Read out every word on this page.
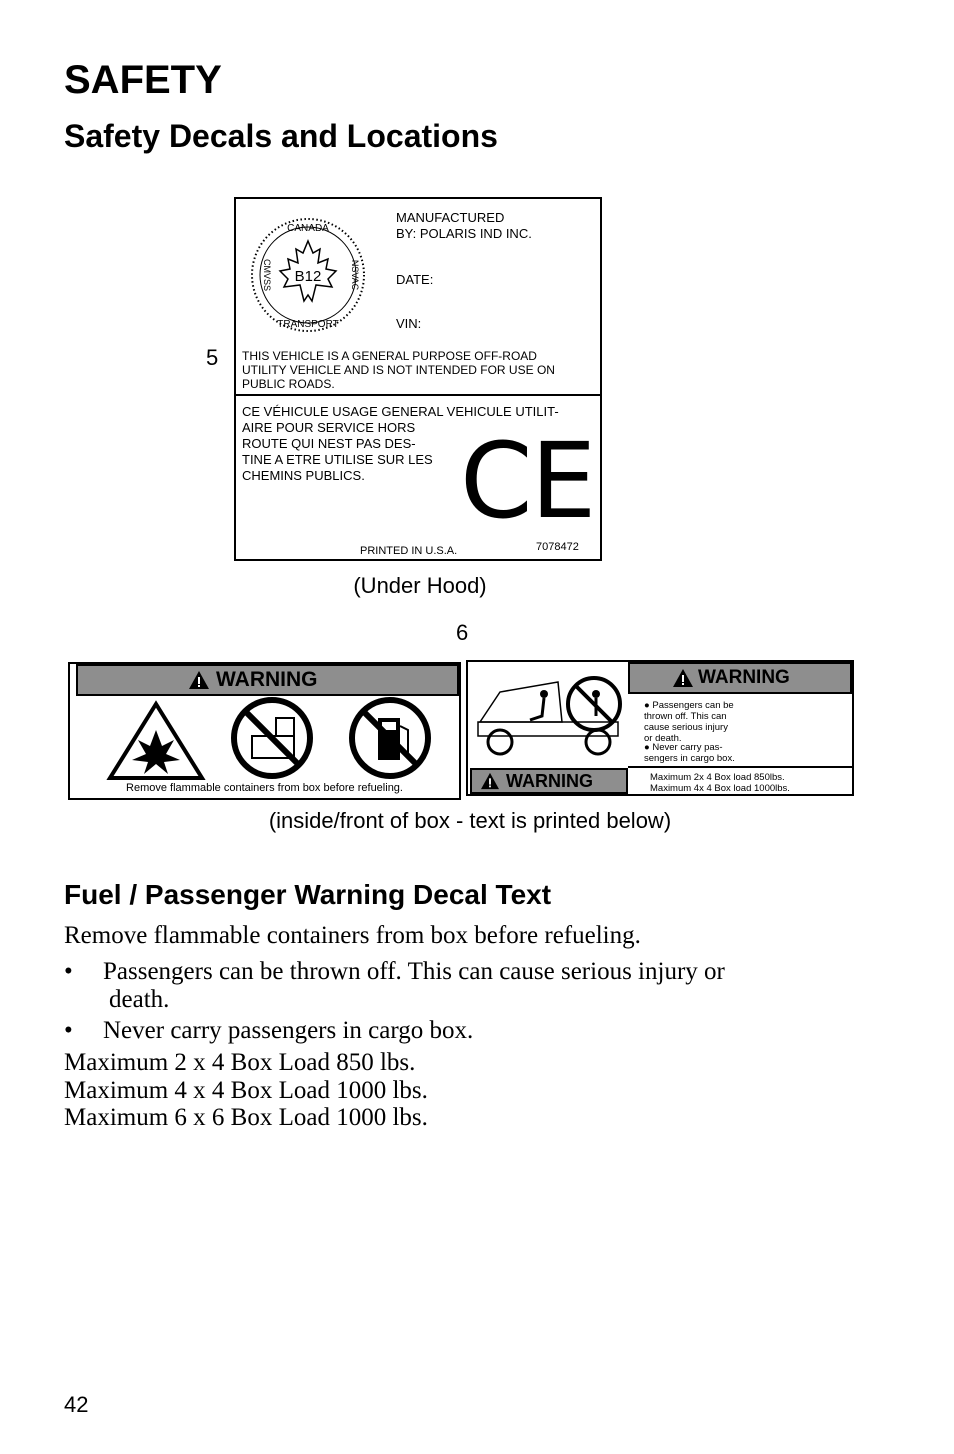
SAFETY
Safety Decals and Locations
5
CANADA
B12
CMVSS	NSVAC
TRANSPORT
MANUFACTURED
BY: POLARIS IND INC.
DATE:
VIN:
THIS VEHICLE IS A GENERAL PURPOSE OFF-ROAD
UTILITY VEHICLE AND IS NOT INTENDED FOR USE ON
PUBLIC ROADS.
CE VÉHICULE USAGE GENERAL VEHICULE UTILIT-
AIRE POUR SERVICE HORS
ROUTE QUI NEST PAS DES-
TINE A ETRE UTILISE SUR LES
CHEMINS PUBLICS. CE
PRINTED IN U.S.A.	7078472
(Under Hood)
6
WARNING
Remove flammable containers from box before refueling.
WARNING
● Passengers can be
thrown off. This can
cause serious injury
or death.
● Never carry pas-
sengers in cargo box.
WARNING	Maximum 2x 4 Box load 850lbs.
Maximum 4x 4 Box load 1000lbs.
(inside/front of box - text is printed below)
Fuel / Passenger Warning Decal Text
Remove flammable containers from box before refueling.
• Passengers can be thrown off. This can cause serious injury or
death.
• Never carry passengers in cargo box.
Maximum 2 x 4 Box Load 850 lbs.
Maximum 4 x 4 Box Load 1000 lbs.
Maximum 6 x 6 Box Load 1000 lbs.
42
